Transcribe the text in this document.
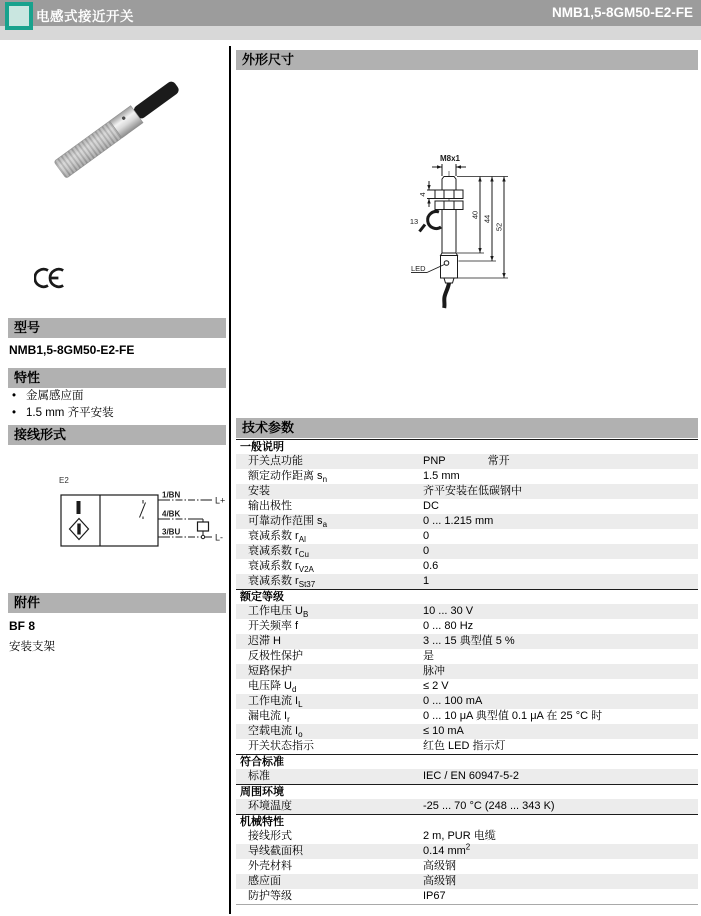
电感式接近开关	NMB1,5-8GM50-E2-FE
型号
NMB1,5-8GM50-E2-FE
特性
• 金属感应面
• 1.5 mm 齐平安装
接线形式
E2
1/BN
4/BK
3/BU
L+
L-
附件
BF 8
安装支架
外形尺寸
M8x1
4
13
40 44
52
LED
技术参数
一般说明
开关点功能	PNP	常开
额定动作距离 $s_n$	1.5 mm
安装	齐平安装在低碳钢中
输出极性	DC
可靠动作范围 $s_a$	0 ... 1.215 mm
衰减系数 $r_{Al}$	0
衰减系数 $r_{Cu}$	0
衰减系数 $r_{V2A}$	0.6
衰减系数 $r_{St37}$	1
额定等级
工作电压 $U_B$	10 ... 30 V
开关频率 f	0 ... 80 Hz
迟滞 H	3 ... 15 典型值 5 %
反极性保护	是
短路保护	脉冲
电压降 $U_d$	≤ 2 V
工作电流 $I_L$	0 ... 100 mA
漏电流 $I_r$	0 ... 10 μA 典型值 0.1 μA 在 25 °C 时
空载电流 $I_o$	≤ 10 mA
开关状态指示	红色 LED 指示灯
符合标准
标准	IEC / EN 60947-5-2
周围环境
环境温度	-25 ... 70 °C (248 ... 343 K)
机械特性
接线形式	2 m, PUR 电缆
导线截面积	0.14 $mm^2$
外壳材料	高级钢
感应面	高级钢
防护等级	IP67
